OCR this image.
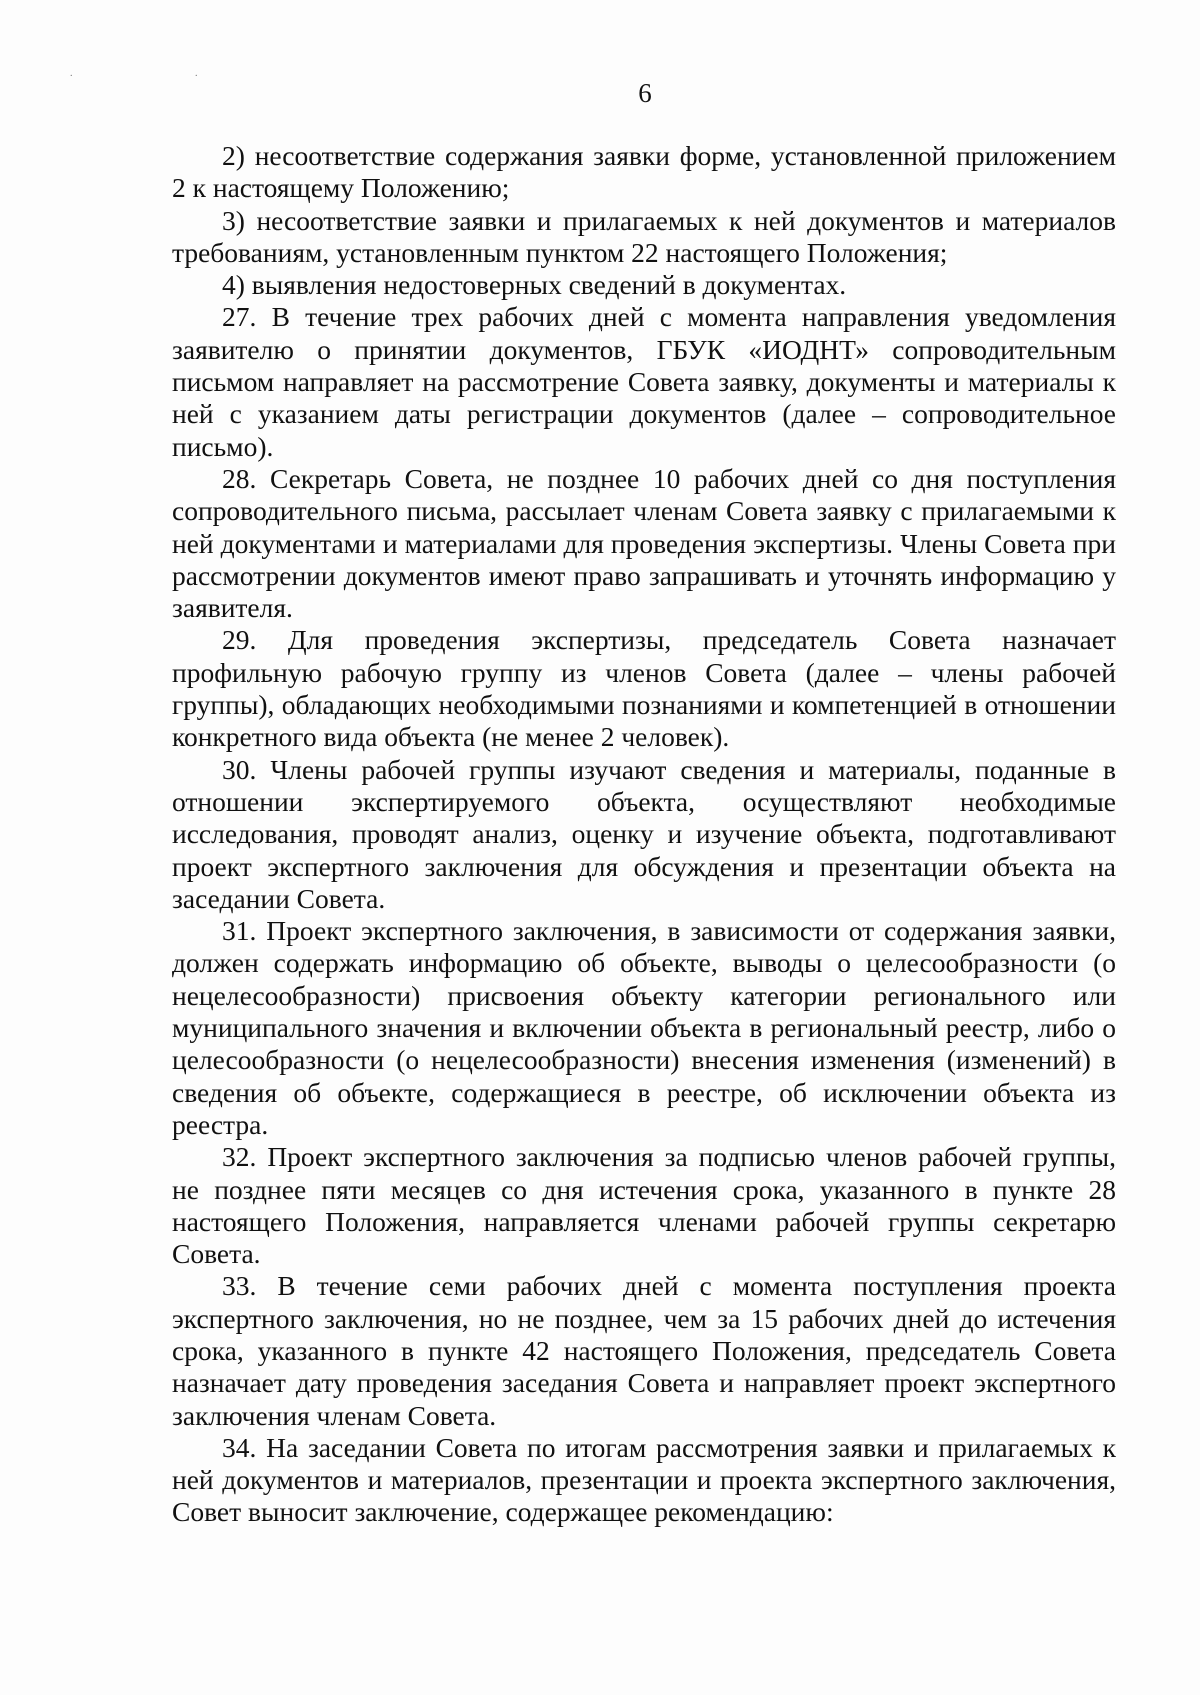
. .
6

2) несоответствие содержания заявки форме, установленной приложением 2 к настоящему Положению;

3) несоответствие заявки и прилагаемых к ней документов и материалов требованиям, установленным пунктом 22 настоящего Положения;

4) выявления недостоверных сведений в документах.

27. В течение трех рабочих дней с момента направления уведомления заявителю о принятии документов, ГБУК «ИОДНТ» сопроводительным письмом направляет на рассмотрение Совета заявку, документы и материалы к ней с указанием даты регистрации документов (далее – сопроводительное письмо).

28. Секретарь Совета, не позднее 10 рабочих дней со дня поступления сопроводительного письма, рассылает членам Совета заявку с прилагаемыми к ней документами и материалами для проведения экспертизы. Члены Совета при рассмотрении документов имеют право запрашивать и уточнять информацию у заявителя.

29. Для проведения экспертизы, председатель Совета назначает профильную рабочую группу из членов Совета (далее – члены рабочей группы), обладающих необходимыми познаниями и компетенцией в отношении конкретного вида объекта (не менее 2 человек).

30. Члены рабочей группы изучают сведения и материалы, поданные в отношении экспертируемого объекта, осуществляют необходимые исследования, проводят анализ, оценку и изучение объекта, подготавливают проект экспертного заключения для обсуждения и презентации объекта на заседании Совета.

31. Проект экспертного заключения, в зависимости от содержания заявки, должен содержать информацию об объекте, выводы о целесообразности (о нецелесообразности) присвоения объекту категории регионального или муниципального значения и включении объекта в региональный реестр, либо о целесообразности (о нецелесообразности) внесения изменения (изменений) в сведения об объекте, содержащиеся в реестре, об исключении объекта из реестра.

32. Проект экспертного заключения за подписью членов рабочей группы, не позднее пяти месяцев со дня истечения срока, указанного в пункте 28 настоящего Положения, направляется членами рабочей группы секретарю Совета.

33. В течение семи рабочих дней с момента поступления проекта экспертного заключения, но не позднее, чем за 15 рабочих дней до истечения срока, указанного в пункте 42 настоящего Положения, председатель Совета назначает дату проведения заседания Совета и направляет проект экспертного заключения членам Совета.

34. На заседании Совета по итогам рассмотрения заявки и прилагаемых к ней документов и материалов, презентации и проекта экспертного заключения, Совет выносит заключение, содержащее рекомендацию:
